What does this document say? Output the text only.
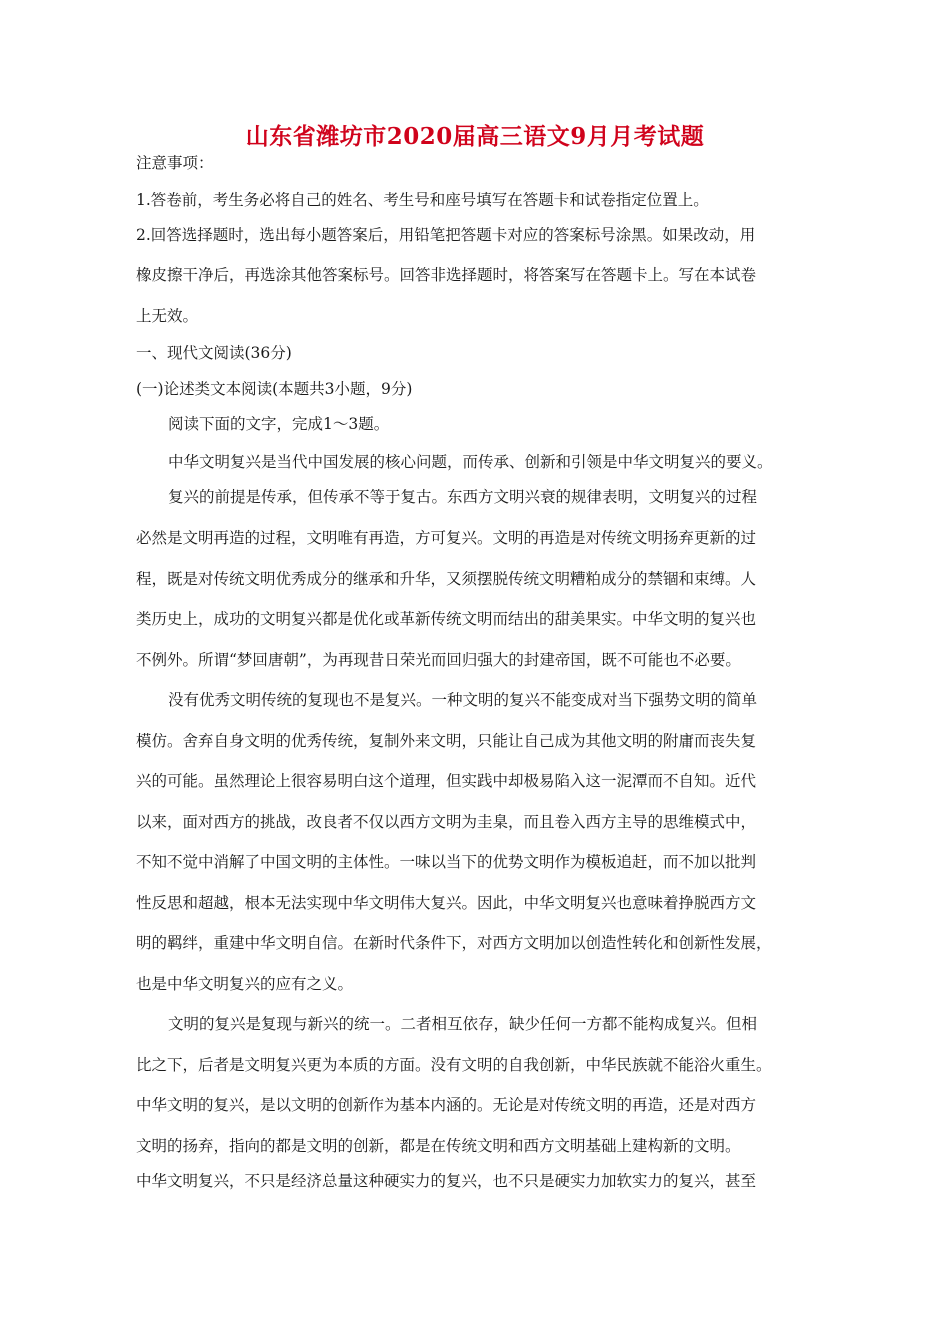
山东省潍坊市2020届高三语文9月月考试题
注意事项：
1.答卷前，考生务必将自己的姓名、考生号和座号填写在答题卡和试卷指定位置上。
2.回答选择题时，选出每小题答案后，用铅笔把答题卡对应的答案标号涂黑。如果改动，用
橡皮擦干净后，再选涂其他答案标号。回答非选择题时，将答案写在答题卡上。写在本试卷
上无效。
一、现代文阅读(36分)
(一)论述类文本阅读(本题共3小题，9分)
阅读下面的文字，完成1～3题。
中华文明复兴是当代中国发展的核心问题，而传承、创新和引领是中华文明复兴的要义。
复兴的前提是传承，但传承不等于复古。东西方文明兴衰的规律表明，文明复兴的过程
必然是文明再造的过程，文明唯有再造，方可复兴。文明的再造是对传统文明扬弃更新的过
程，既是对传统文明优秀成分的继承和升华，又须摆脱传统文明糟粕成分的禁锢和束缚。人
类历史上，成功的文明复兴都是优化或革新传统文明而结出的甜美果实。中华文明的复兴也
不例外。所谓“梦回唐朝”，为再现昔日荣光而回归强大的封建帝国，既不可能也不必要。
没有优秀文明传统的复现也不是复兴。一种文明的复兴不能变成对当下强势文明的简单
模仿。舍弃自身文明的优秀传统，复制外来文明，只能让自己成为其他文明的附庸而丧失复
兴的可能。虽然理论上很容易明白这个道理，但实践中却极易陷入这一泥潭而不自知。近代
以来，面对西方的挑战，改良者不仅以西方文明为圭臬，而且卷入西方主导的思维模式中，
不知不觉中消解了中国文明的主体性。一味以当下的优势文明作为模板追赶，而不加以批判
性反思和超越，根本无法实现中华文明伟大复兴。因此，中华文明复兴也意味着挣脱西方文
明的羁绊，重建中华文明自信。在新时代条件下，对西方文明加以创造性转化和创新性发展，
也是中华文明复兴的应有之义。
文明的复兴是复现与新兴的统一。二者相互依存，缺少任何一方都不能构成复兴。但相
比之下，后者是文明复兴更为本质的方面。没有文明的自我创新，中华民族就不能浴火重生。
中华文明的复兴，是以文明的创新作为基本内涵的。无论是对传统文明的再造，还是对西方
文明的扬弃，指向的都是文明的创新，都是在传统文明和西方文明基础上建构新的文明。
中华文明复兴，不只是经济总量这种硬实力的复兴，也不只是硬实力加软实力的复兴，甚至
